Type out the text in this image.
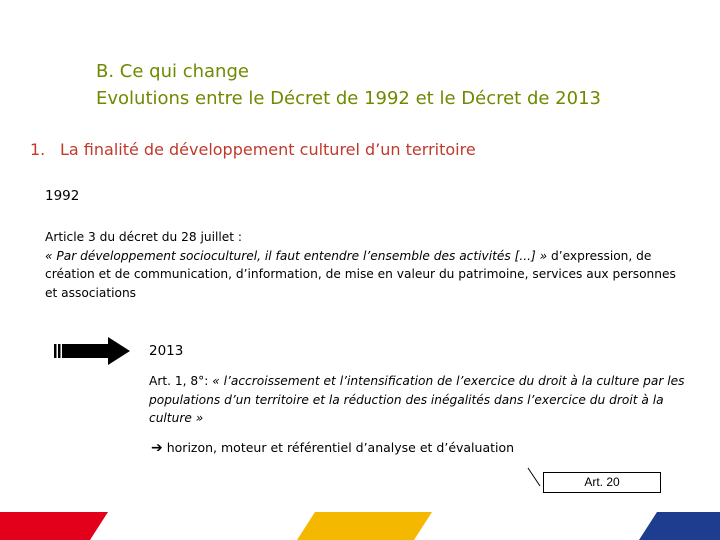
B. Ce qui change
Evolutions entre le Décret de 1992 et le Décret de 2013
1. La finalité de développement culturel d’un territoire
1992
Article 3 du décret du 28 juillet :
« Par développement socioculturel, il faut entendre l’ensemble des activités [...] » d’expression, de création et de communication, d’information, de mise en valeur du patrimoine, services aux personnes et associations
2013
Art. 1, 8°: « l’accroissement et l’intensification de l’exercice du droit à la culture par les populations d’un territoire et la réduction des inégalités dans l’exercice du droit à la culture »
➔ horizon, moteur et référentiel d’analyse et d’évaluation
Art. 20
